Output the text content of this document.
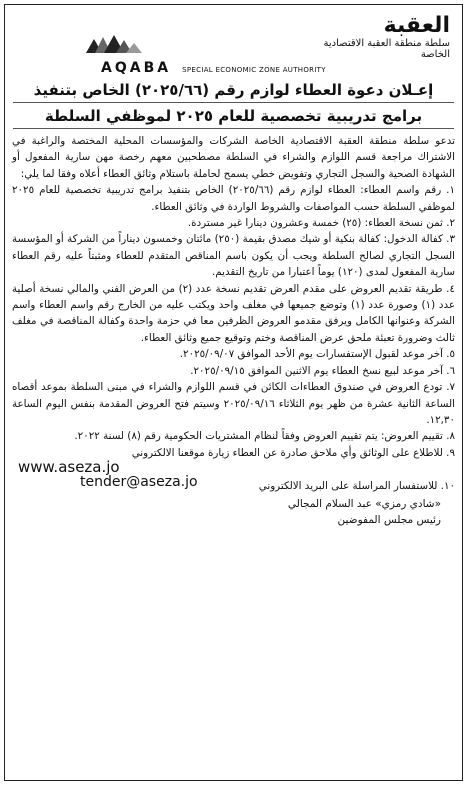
العقبة
سلطة منطقة العقبة الاقتصادية الخاصة
AQABA SPECIAL ECONOMIC ZONE AUTHORITY
إعـلان دعوة العطاء لوازم رقم (٢٠٢٥/٦٦) الخاص بتنفيذ
برامج تدريبية تخصصية للعام ٢٠٢٥ لموظفي السلطة

تدعو سلطة منطقة العقبة الاقتصادية الخاصة الشركات والمؤسسات المحلية المختصة والراغبة في الاشتراك مراجعة قسم اللوازم والشراء في السلطة مصطحبين معهم رخصة مهن سارية المفعول أو الشهادة الصحية والسجل التجاري وتفويض خطي يسمح لحاملة باستلام وثائق العطاء أعلاه وفقا لما يلي:

١. رقم واسم العطاء: العطاء لوازم رقم (٢٠٢٥/٦٦) الخاص بتنفيذ برامج تدريبية تخصصية للعام ٢٠٢٥ لموظفي السلطة حسب المواصفات والشروط الواردة في وثائق العطاء.

٢. ثمن نسخة العطاء: (٢٥) خمسة وعشرون دينارا غير مستردة.

٣. كفالة الدخول: كفالة بنكية أو شيك مصدق بقيمة (٢٥٠) مائتان وخمسون ديناراً من الشركة أو المؤسسة السجل التجاري لصالح السلطة ويجب أن يكون باسم المناقص المتقدم للعطاء ومثبتاً عليه رقم العطاء سارية المفعول لمدى (١٢٠) يوماً اعتبارا من تاريخ التقديم.

٤. طريقة تقديم العروض على مقدم العرض تقديم نسخة عدد (٢) من العرض الفني والمالي نسخة أصلية عدد (١) وصورة عدد (١) وتوضع جميعها في مغلف واحد ويكتب عليه من الخارج رقم واسم العطاء واسم الشركة وعنوانها الكامل ويرفق مقدمو العروض الظرفين معا في حزمة واحدة وكفالة المناقصة في مغلف ثالث وضرورة تعبئة ملحق عرض المناقصة وختم وتوقيع جميع وثائق العطاء.

٥. آخر موعد لقبول الإستفسارات يوم الأحد الموافق ٢٠٢٥/٠٩/٠٧.

٦. آخر موعد لبيع نسخ العطاء يوم الاثنين الموافق ٢٠٢٥/٠٩/١٥.

٧. تودع العروض في صندوق العطاءات الكائن في قسم اللوازم والشراء في مبنى السلطة بموعد أقصاه الساعة الثانية عشرة من ظهر يوم الثلاثاء ٢٠٢٥/٠٩/١٦ وسيتم فتح العروض المقدمة بنفس اليوم الساعة ١٢,٣٠.

٨. تقييم العروض: يتم تقييم العروض وفقاً لنظام المشتريات الحكومية رقم (٨) لسنة ٢٠٢٢.

٩. للاطلاع على الوثائق وأي ملاحق صادرة عن العطاء زيارة موقعنا الالكتروني

www.aseza.jo
١٠. للاستفسار المراسلة على البريد الالكتروني
tender@aseza.jo
«شادي رمزي» عبد السلام المجالي
رئيس مجلس المفوضين
